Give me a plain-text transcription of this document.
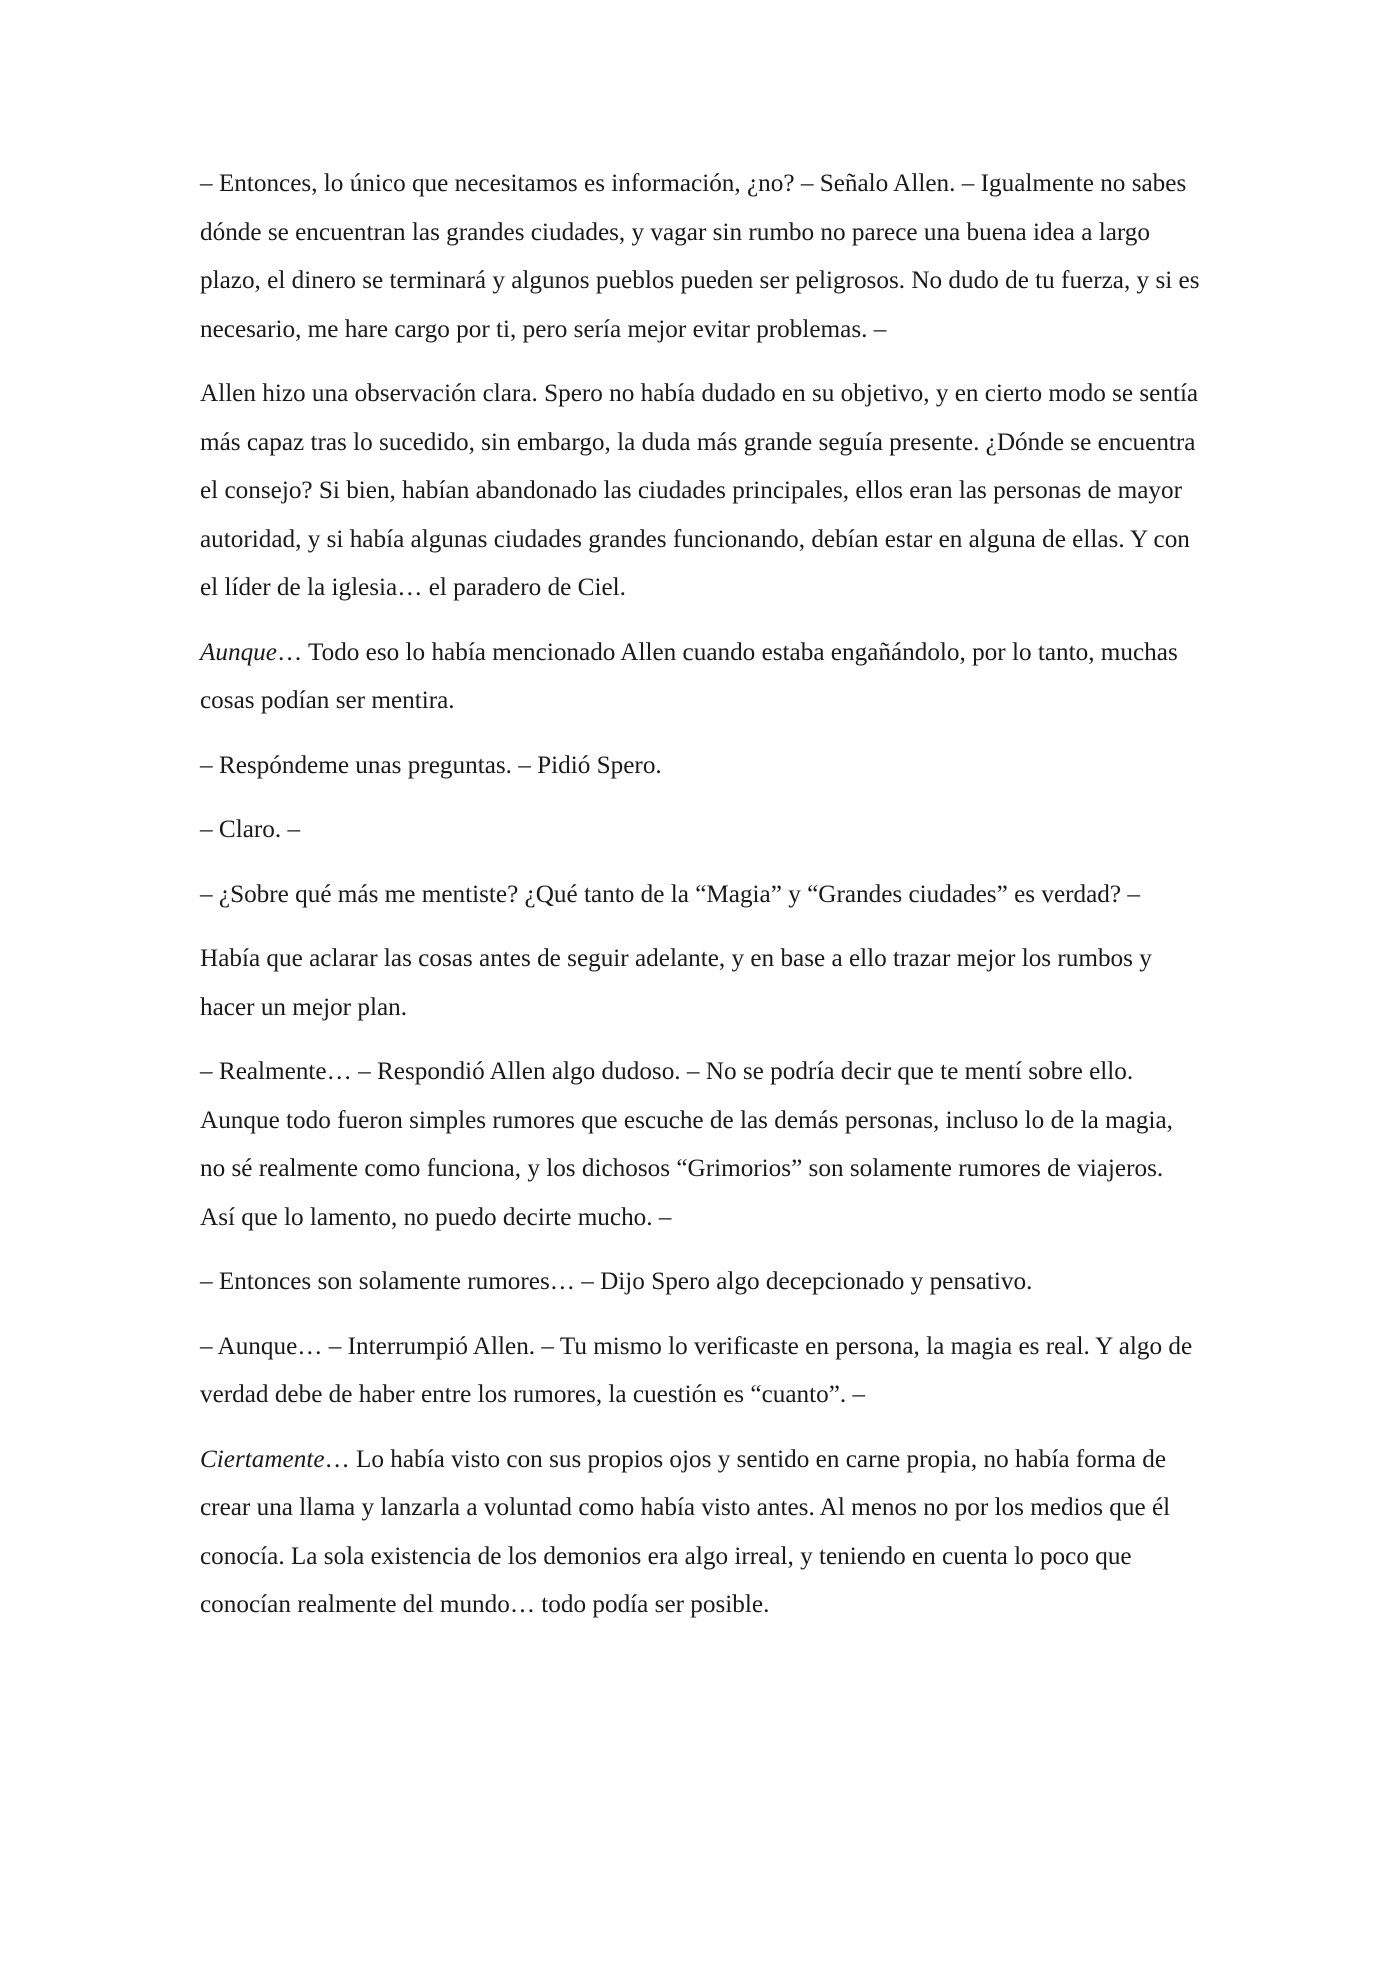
– Entonces, lo único que necesitamos es información, ¿no? – Señalo Allen. – Igualmente no sabes dónde se encuentran las grandes ciudades, y vagar sin rumbo no parece una buena idea a largo plazo, el dinero se terminará y algunos pueblos pueden ser peligrosos. No dudo de tu fuerza, y si es necesario, me hare cargo por ti, pero sería mejor evitar problemas. –

Allen hizo una observación clara. Spero no había dudado en su objetivo, y en cierto modo se sentía más capaz tras lo sucedido, sin embargo, la duda más grande seguía presente. ¿Dónde se encuentra el consejo? Si bien, habían abandonado las ciudades principales, ellos eran las personas de mayor autoridad, y si había algunas ciudades grandes funcionando, debían estar en alguna de ellas. Y con el líder de la iglesia… el paradero de Ciel.

Aunque… Todo eso lo había mencionado Allen cuando estaba engañándolo, por lo tanto, muchas cosas podían ser mentira.

– Respóndeme unas preguntas. – Pidió Spero.

– Claro. –

– ¿Sobre qué más me mentiste? ¿Qué tanto de la “Magia” y “Grandes ciudades” es verdad? –

Había que aclarar las cosas antes de seguir adelante, y en base a ello trazar mejor los rumbos y hacer un mejor plan.

– Realmente… – Respondió Allen algo dudoso. – No se podría decir que te mentí sobre ello. Aunque todo fueron simples rumores que escuche de las demás personas, incluso lo de la magia, no sé realmente como funciona, y los dichosos “Grimorios” son solamente rumores de viajeros. Así que lo lamento, no puedo decirte mucho. –

– Entonces son solamente rumores… – Dijo Spero algo decepcionado y pensativo.

– Aunque… – Interrumpió Allen. – Tu mismo lo verificaste en persona, la magia es real. Y algo de verdad debe de haber entre los rumores, la cuestión es “cuanto”. –

Ciertamente… Lo había visto con sus propios ojos y sentido en carne propia, no había forma de crear una llama y lanzarla a voluntad como había visto antes. Al menos no por los medios que él conocía. La sola existencia de los demonios era algo irreal, y teniendo en cuenta lo poco que conocían realmente del mundo… todo podía ser posible.
